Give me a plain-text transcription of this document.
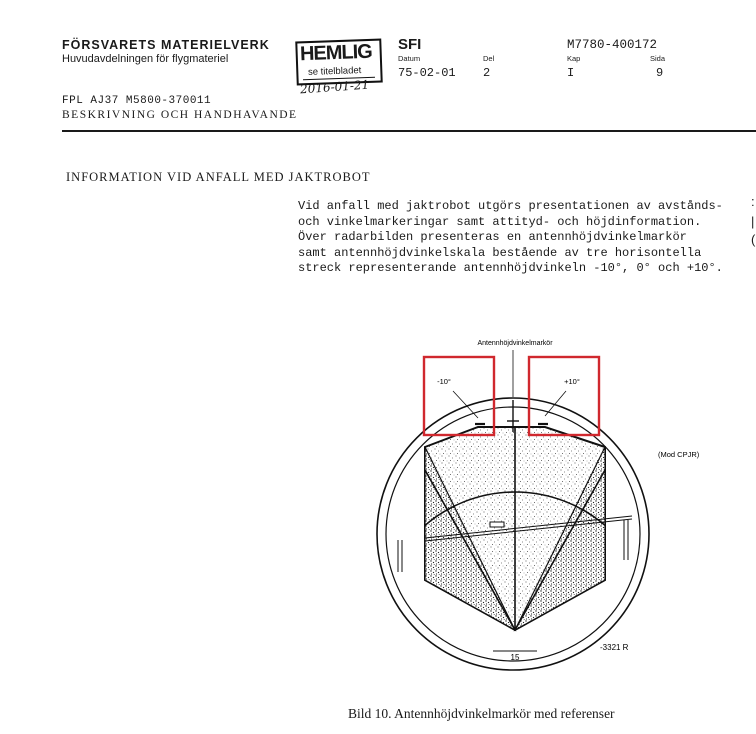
FÖRSVARETS MATERIELVERK
Huvudavdelningen för flygmateriel	HEMLIG
se titelbladet
2016-01-21
SFI
Datum
75-02-01
Del
2
M7780-400172
Kap
I
Sida
9
FPL AJ37 M5800-370011
BESKRIVNING OCH HANDHAVANDE
:
|
(
INFORMATION VID ANFALL MED JAKTROBOT
Vid anfall med jaktrobot utgörs presentationen av avstånds-
och vinkelmarkeringar samt attityd- och höjdinformation.
Över radarbilden presenteras en antennhöjdvinkelmarkör
samt antennhöjdvinkelskala bestående av tre horisontella
streck representerande antennhöjdvinkeln -10°, 0° och +10°.
Antennhöjdvinkelmarkör
-10°	+10°
(Mod CPJR)
15
-3321 R
Bild 10. Antennhöjdvinkelmarkör med referenser
